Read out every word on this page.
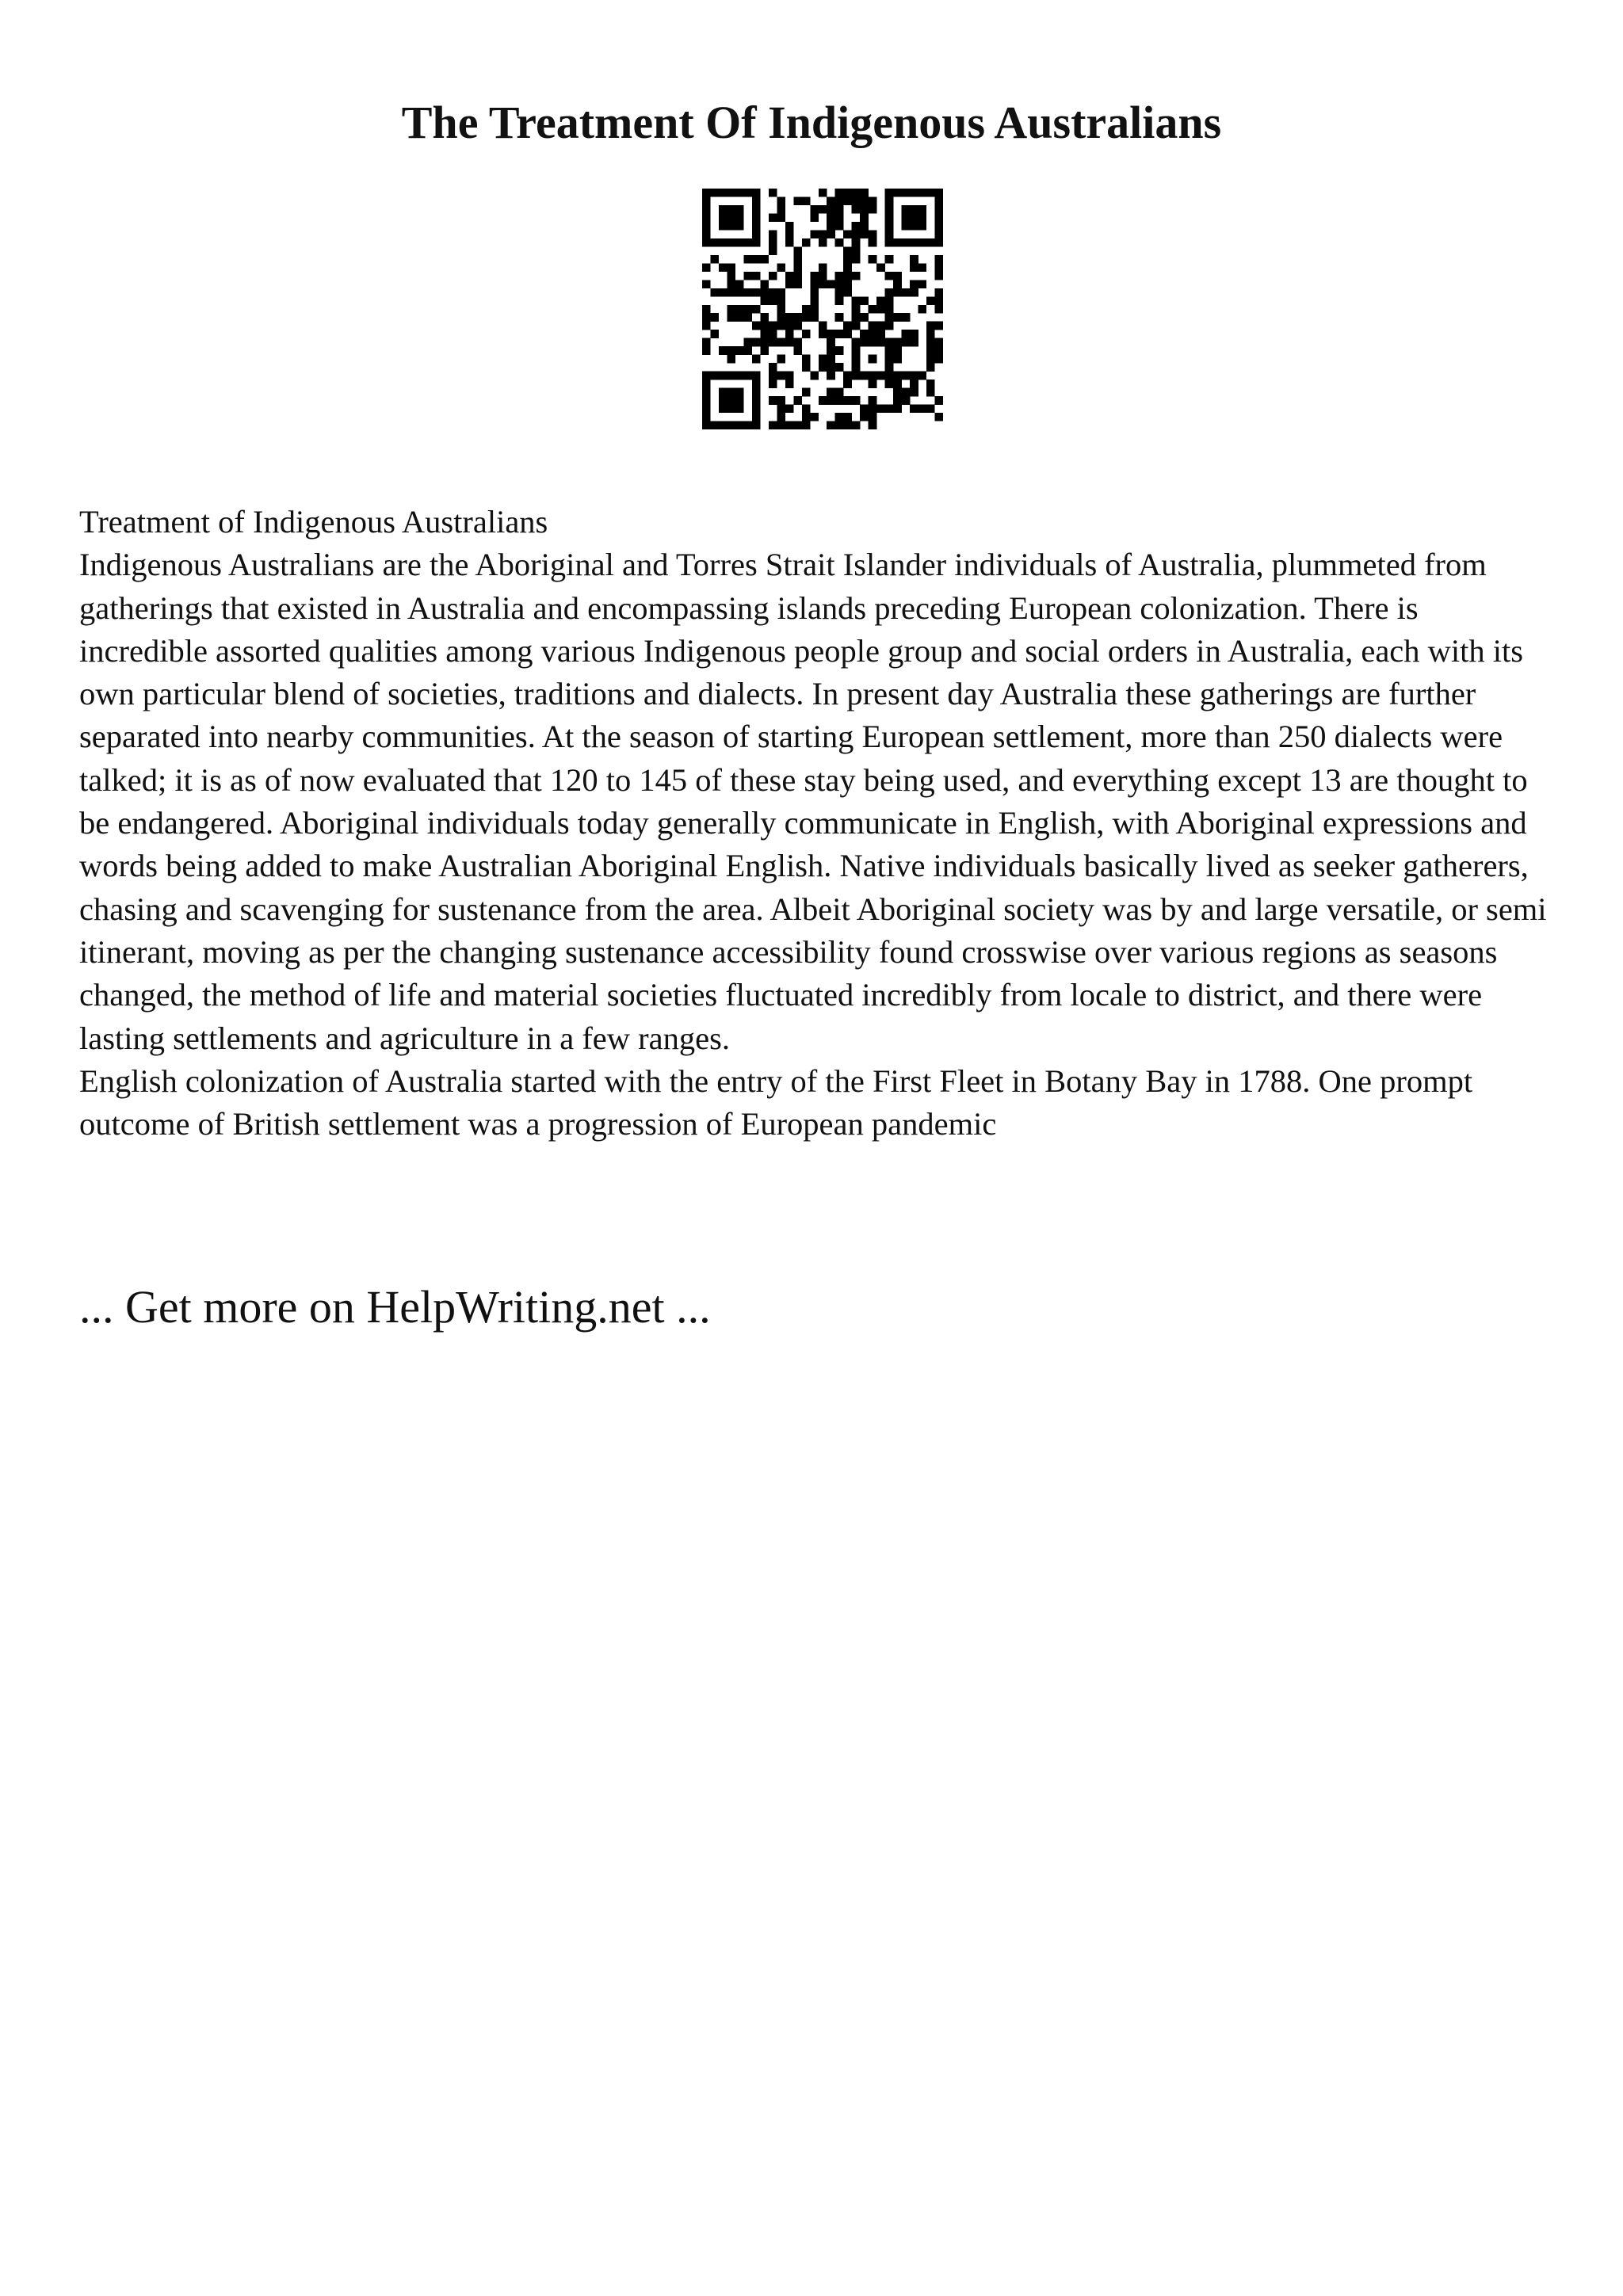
The Treatment Of Indigenous Australians

Treatment of Indigenous Australians

Indigenous Australians are the Aboriginal and Torres Strait Islander individuals of Australia, plummeted from gatherings that existed in Australia and encompassing islands preceding European colonization. There is incredible assorted qualities among various Indigenous people group and social orders in Australia, each with its own particular blend of societies, traditions and dialects. In present day Australia these gatherings are further separated into nearby communities. At the season of starting European settlement, more than 250 dialects were talked; it is as of now evaluated that 120 to 145 of these stay being used, and everything except 13 are thought to be endangered. Aboriginal individuals today generally communicate in English, with Aboriginal expressions and words being added to make Australian Aboriginal English. Native individuals basically lived as seeker gatherers, chasing and scavenging for sustenance from the area. Albeit Aboriginal society was by and large versatile, or semi itinerant, moving as per the changing sustenance accessibility found crosswise over various regions as seasons changed, the method of life and material societies fluctuated incredibly from locale to district, and there were lasting settlements and agriculture in a few ranges.

English colonization of Australia started with the entry of the First Fleet in Botany Bay in 1788. One prompt outcome of British settlement was a progression of European pandemic

... Get more on HelpWriting.net ...
